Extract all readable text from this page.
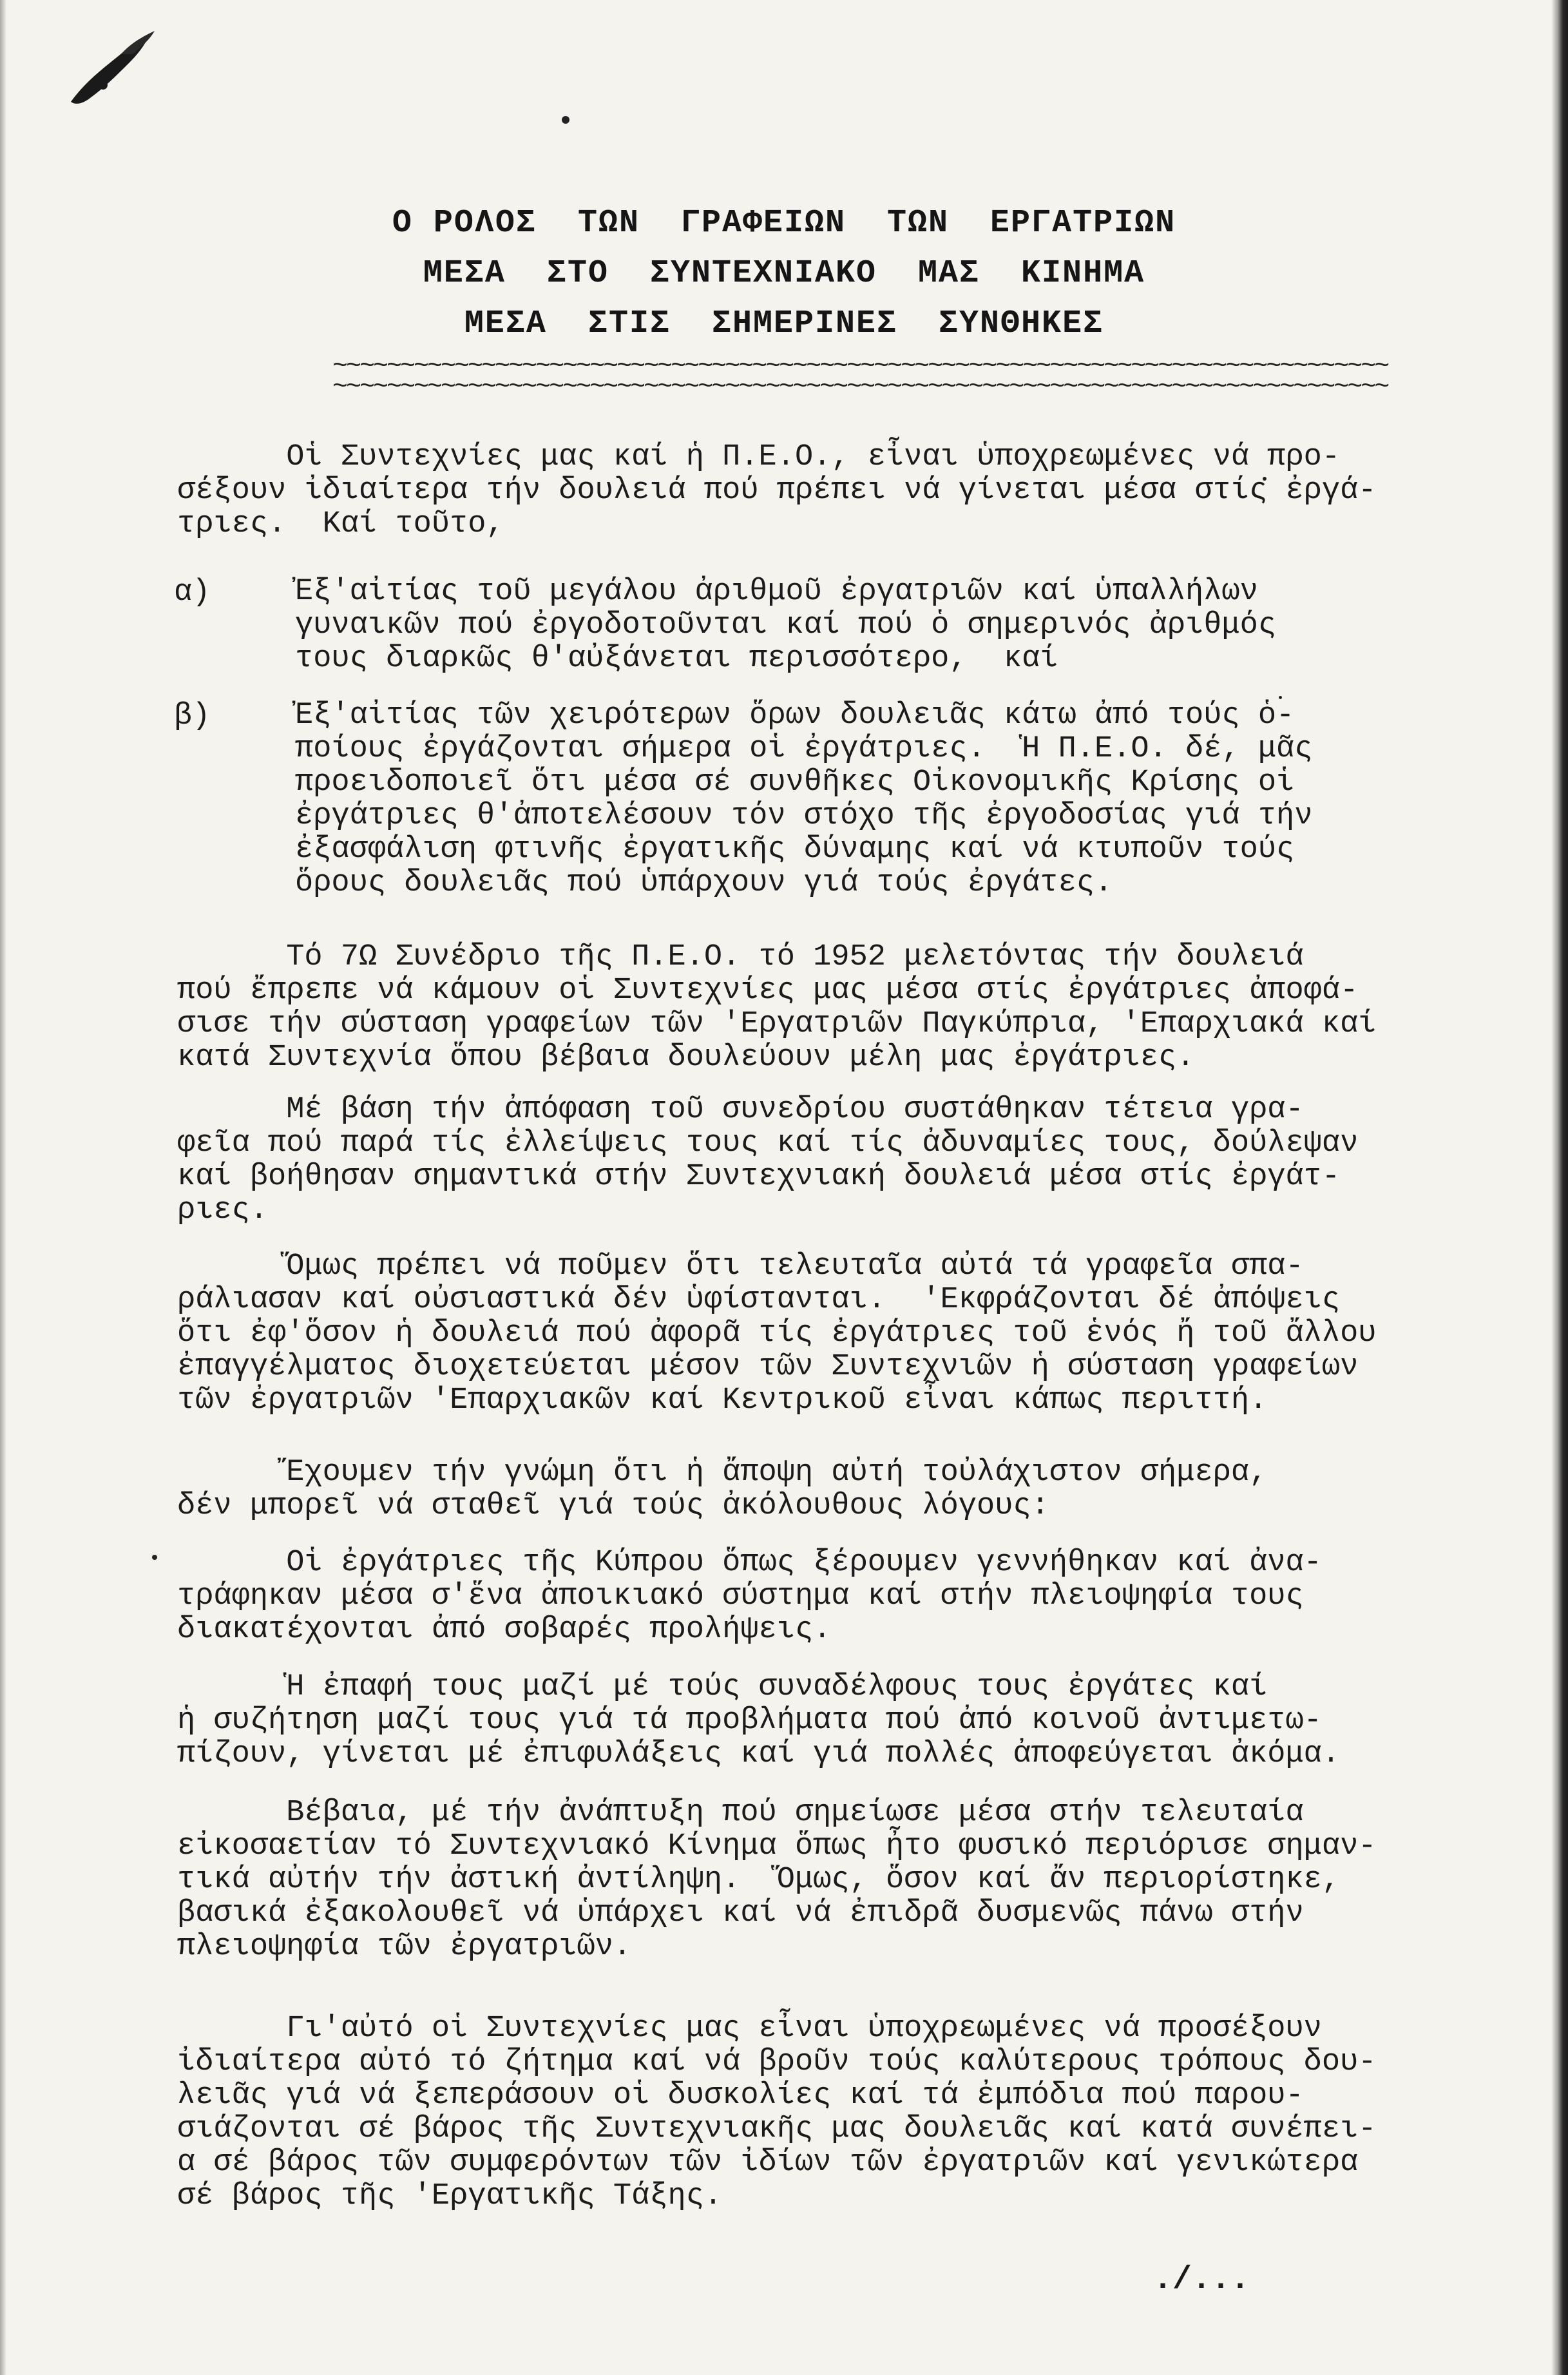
Ο ΡΟΛΟΣ  ΤΩΝ  ΓΡΑΦΕΙΩΝ  ΤΩΝ  ΕΡΓΑΤΡΙΩΝ
ΜΕΣΑ  ΣΤΟ  ΣΥΝΤΕΧΝΙΑΚΟ  ΜΑΣ  ΚΙΝΗΜΑ
ΜΕΣΑ  ΣΤΙΣ  ΣΗΜΕΡΙΝΕΣ  ΣΥΝΘΗΚΕΣ
~~~~~~~~~~~~~~~~~~~~~~~~~~~~~~~~~~~~~~~~~~~~~~~~~~~~~~~~~~~~~~~~~~~~~~~~~~~~~~
~~~~~~~~~~~~~~~~~~~~~~~~~~~~~~~~~~~~~~~~~~~~~~~~~~~~~~~~~~~~~~~~~~~~~~~~~~~~~~
Οἱ Συντεχνίες μας καί ἡ Π.Ε.Ο., εἶναι ὑποχρεωμένες νά προ-
σέξουν ἰδιαίτερα τήν δουλειά πού πρέπει νά γίνεται μέσα στίς ἐργά-
τριες.  Καί τοῦτο,
α)	Ἐξ'αἰτίας τοῦ μεγάλου ἀριθμοῦ ἐργατριῶν καί ὑπαλλήλων
γυναικῶν πού ἐργοδοτοῦνται καί πού ὁ σημερινός ἀριθμός
τους διαρκῶς θ'αὐξάνεται περισσότερο,  καί
β)	Ἐξ'αἰτίας τῶν χειρότερων ὅρων δουλειᾶς κάτω ἀπό τούς ὁ-
ποίους ἐργάζονται σήμερα οἱ ἐργάτριες.  Ἡ Π.Ε.Ο. δέ, μᾶς
προειδοποιεῖ ὅτι μέσα σέ συνθῆκες Οἰκονομικῆς Κρίσης οἱ
ἐργάτριες θ'ἀποτελέσουν τόν στόχο τῆς ἐργοδοσίας γιά τήν
ἐξασφάλιση φτινῆς ἐργατικῆς δύναμης καί νά κτυποῦν τούς
ὅρους δουλειᾶς πού ὑπάρχουν γιά τούς ἐργάτες.
Τό 7Ω Συνέδριο τῆς Π.Ε.Ο. τό 1952 μελετόντας τήν δουλειά
πού ἔπρεπε νά κάμουν οἱ Συντεχνίες μας μέσα στίς ἐργάτριες ἀποφά-
σισε τήν σύσταση γραφείων τῶν 'Εργατριῶν Παγκύπρια, 'Επαρχιακά καί
κατά Συντεχνία ὅπου βέβαια δουλεύουν μέλη μας ἐργάτριες.
Μέ βάση τήν ἀπόφαση τοῦ συνεδρίου συστάθηκαν τέτεια γρα-
φεῖα πού παρά τίς ἐλλείψεις τους καί τίς ἀδυναμίες τους, δούλεψαν
καί βοήθησαν σημαντικά στήν Συντεχνιακή δουλειά μέσα στίς ἐργάτ-
ριες.
Ὅμως πρέπει νά ποῦμεν ὅτι τελευταῖα αὐτά τά γραφεῖα σπα-
ράλιασαν καί οὐσιαστικά δέν ὑφίστανται.  'Εκφράζονται δέ ἀπόψεις
ὅτι ἐφ'ὅσον ἡ δουλειά πού ἀφορᾶ τίς ἐργάτριες τοῦ ἑνός ἤ τοῦ ἄλλου
ἐπαγγέλματος διοχετεύεται μέσον τῶν Συντεχνιῶν ἡ σύσταση γραφείων
τῶν ἐργατριῶν 'Επαρχιακῶν καί Κεντρικοῦ εἶναι κάπως περιττή.
Ἔχουμεν τήν γνώμη ὅτι ἡ ἄποψη αὐτή τοὐλάχιστον σήμερα,
δέν μπορεῖ νά σταθεῖ γιά τούς ἀκόλουθους λόγους:
Οἱ ἐργάτριες τῆς Κύπρου ὅπως ξέρουμεν γεννήθηκαν καί ἀνα-
τράφηκαν μέσα σ'ἕνα ἀποικιακό σύστημα καί στήν πλειοψηφία τους
διακατέχονται ἀπό σοβαρές προλήψεις.
Ἡ ἐπαφή τους μαζί μέ τούς συναδέλφους τους ἐργάτες καί
ἡ συζήτηση μαζί τους γιά τά προβλήματα πού ἀπό κοινοῦ ἀντιμετω-
πίζουν, γίνεται μέ ἐπιφυλάξεις καί γιά πολλές ἀποφεύγεται ἀκόμα.
Βέβαια, μέ τήν ἀνάπτυξη πού σημείωσε μέσα στήν τελευταία
εἰκοσαετίαν τό Συντεχνιακό Κίνημα ὅπως ἦτο φυσικό περιόρισε σημαν-
τικά αὐτήν τήν ἀστική ἀντίληψη.  Ὅμως, ὅσον καί ἄν περιορίστηκε,
βασικά ἐξακολουθεῖ νά ὑπάρχει καί νά ἐπιδρᾶ δυσμενῶς πάνω στήν
πλειοψηφία τῶν ἐργατριῶν.
Γι'αὐτό οἱ Συντεχνίες μας εἶναι ὑποχρεωμένες νά προσέξουν
ἰδιαίτερα αὐτό τό ζήτημα καί νά βροῦν τούς καλύτερους τρόπους δου-
λειᾶς γιά νά ξεπεράσουν οἱ δυσκολίες καί τά ἐμπόδια πού παρου-
σιάζονται σέ βάρος τῆς Συντεχνιακῆς μας δουλειᾶς καί κατά συνέπει-
α σέ βάρος τῶν συμφερόντων τῶν ἰδίων τῶν ἐργατριῶν καί γενικώτερα
σέ βάρος τῆς 'Εργατικῆς Τάξης.
./...
